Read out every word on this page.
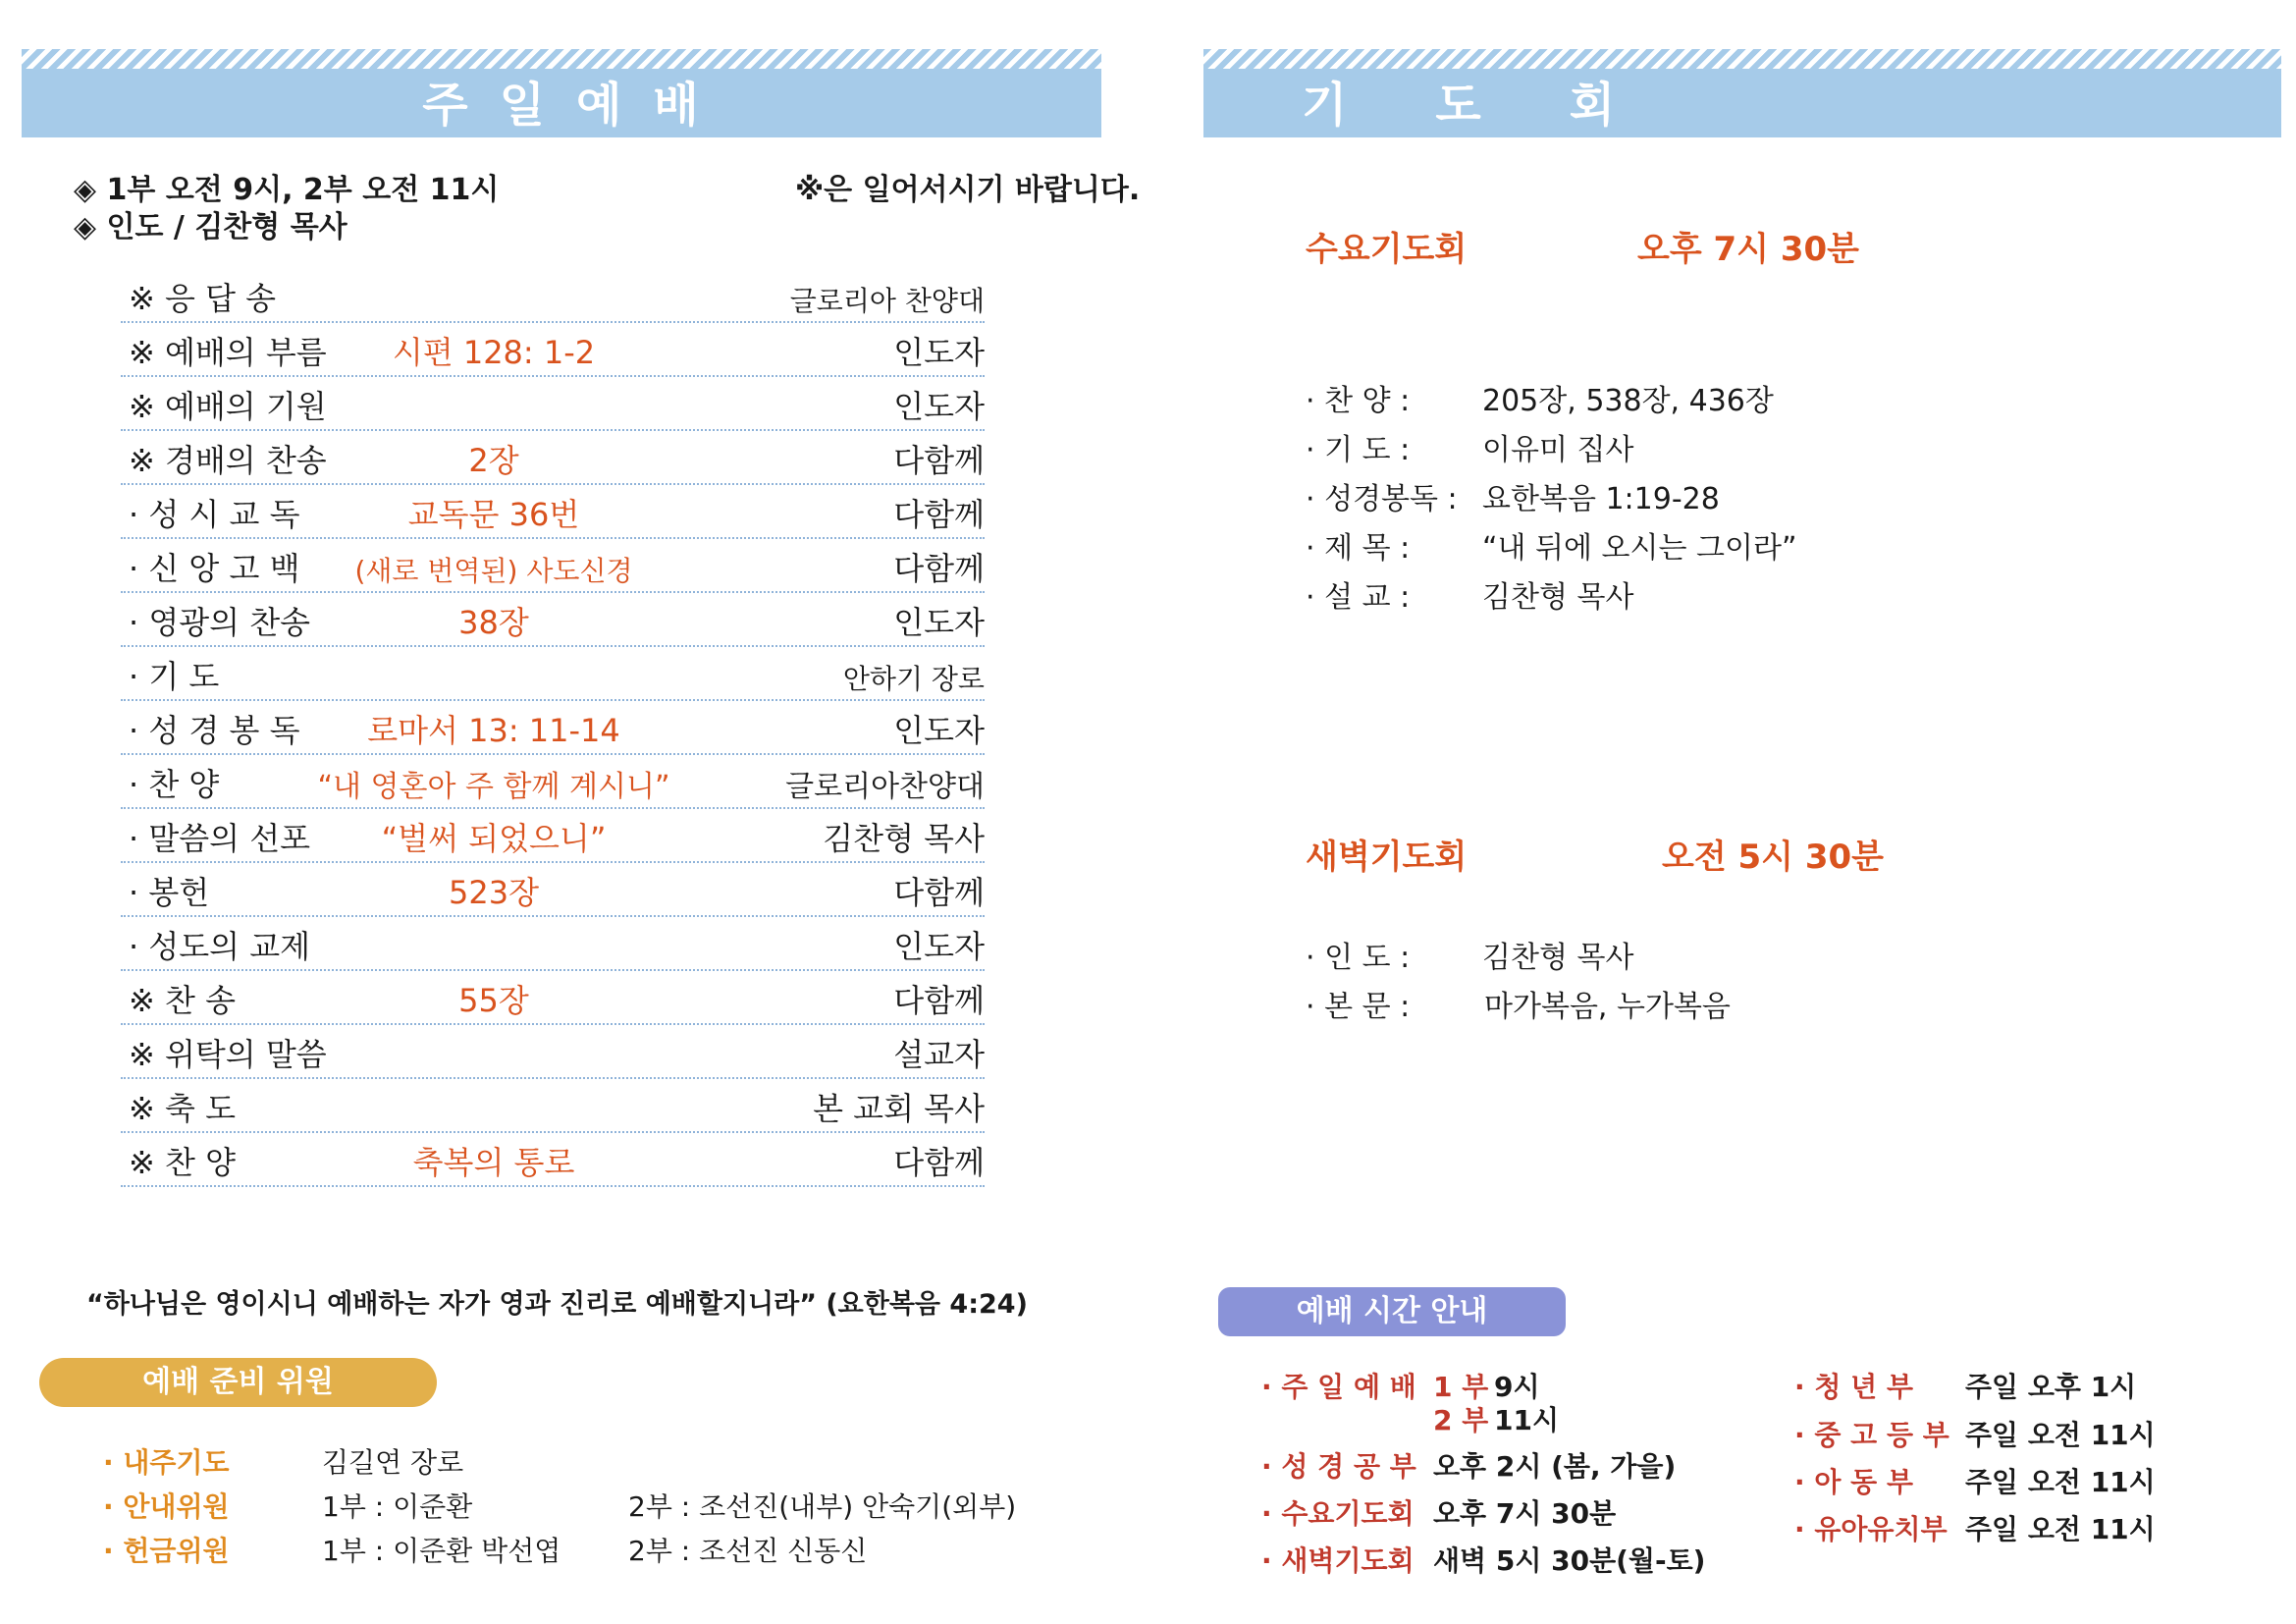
주일예배	기도회
◈ 1부 오전 9시, 2부 오전 11시
◈ 인도 / 김찬형 목사
※은 일어서시기 바랍니다.
※ 응 답 송	글로리아 찬양대
※ 예배의 부름	시편 128: 1-2	인도자
※ 예배의 기원	인도자
※ 경배의 찬송	2장	다함께
· 성 시 교 독	교독문 36번	다함께
· 신 앙 고 백	(새로 번역된) 사도신경	다함께
· 영광의 찬송	38장	인도자
· 기 도	안하기 장로
· 성 경 봉 독	로마서 13: 11-14	인도자
· 찬 양	“내 영혼아 주 함께 계시니”	글로리아찬양대
· 말씀의 선포	“벌써 되었으니”	김찬형 목사
· 봉헌	523장	다함께
· 성도의 교제	인도자
※ 찬 송	55장	다함께
※ 위탁의 말씀	설교자
※ 축 도	본 교회 목사
※ 찬 양	축복의 통로	다함께
“하나님은 영이시니 예배하는 자가 영과 진리로 예배할지니라” (요한복음 4:24)
예배 준비 위원
· 내주기도	김길연 장로
· 안내위원	1부 : 이준환	2부 : 조선진(내부) 안숙기(외부)
· 헌금위원	1부 : 이준환 박선엽 2부 : 조선진 신동신
수요기도회	오후 7시 30분
· 찬 양 : 205장, 538장, 436장
· 기 도 : 이유미 집사
· 성경봉독 : 요한복음 1:19-28
· 제 목 : “내 뒤에 오시는 그이라”
· 설 교 : 김찬형 목사
새벽기도회	오전 5시 30분
· 인 도 : 김찬형 목사
· 본 문 :	마가복음, 누가복음
예배 시간 안내
· 주 일 예 배 1 부 9시
2 부 11시
· 성 경 공 부 오후 2시 (봄, 가을)
· 수요기도회 오후 7시 30분
· 새벽기도회 새벽 5시 30분(월-토)
· 청 년 부 주일 오후 1시
· 중 고 등 부 주일 오전 11시
· 아 동 부 주일 오전 11시
· 유아유치부 주일 오전 11시
